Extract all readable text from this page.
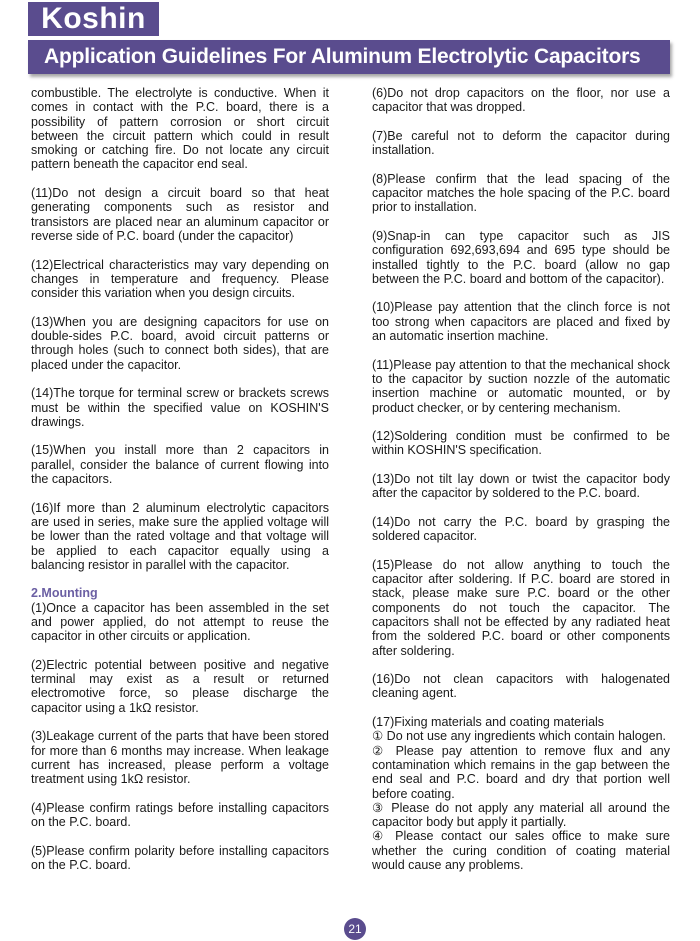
Koshin
Application Guidelines For Aluminum Electrolytic Capacitors

combustible. The electrolyte is conductive. When it comes in contact with the P.C. board, there is a possibility of pattern corrosion or short circuit between the circuit pattern which could in result smoking or catching fire. Do not locate any circuit pattern beneath the capacitor end seal.

(11)Do not design a circuit board so that heat generating components such as resistor and transistors are placed near an aluminum capacitor or reverse side of P.C. board (under the capacitor)

(12)Electrical characteristics may vary depending on changes in temperature and frequency. Please consider this variation when you design circuits.

(13)When you are designing capacitors for use on double-sides P.C. board, avoid circuit patterns or through holes (such to connect both sides), that are placed under the capacitor.

(14)The torque for terminal screw or brackets screws must be within the specified value on KOSHIN'S drawings.

(15)When you install more than 2 capacitors in parallel, consider the balance of current flowing into the capacitors.

(16)If more than 2 aluminum electrolytic capacitors are used in series, make sure the applied voltage will be lower than the rated voltage and that voltage will be applied to each capacitor equally using a balancing resistor in parallel with the capacitor.

2.Mounting

(1)Once a capacitor has been assembled in the set and power applied, do not attempt to reuse the capacitor in other circuits or application.

(2)Electric potential between positive and negative terminal may exist as a result or returned electromotive force, so please discharge the capacitor using a 1kΩ resistor.

(3)Leakage current of the parts that have been stored for more than 6 months may increase. When leakage current has increased, please perform a voltage treatment using 1kΩ resistor.

(4)Please confirm ratings before installing capacitors on the P.C. board.

(5)Please confirm polarity before installing capacitors on the P.C. board.

(6)Do not drop capacitors on the floor, nor use a capacitor that was dropped.

(7)Be careful not to deform the capacitor during installation.

(8)Please confirm that the lead spacing of the capacitor matches the hole spacing of the P.C. board prior to installation.

(9)Snap-in can type capacitor such as JIS configuration 692,693,694 and 695 type should be installed tightly to the P.C. board (allow no gap between the P.C. board and bottom of the capacitor).

(10)Please pay attention that the clinch force is not too strong when capacitors are placed and fixed by an automatic insertion machine.

(11)Please pay attention to that the mechanical shock to the capacitor by suction nozzle of the automatic insertion machine or automatic mounted, or by product checker, or by centering mechanism.

(12)Soldering condition must be confirmed to be within KOSHIN'S specification.

(13)Do not tilt lay down or twist the capacitor body after the capacitor by soldered to the P.C. board.

(14)Do not carry the P.C. board by grasping the soldered capacitor.

(15)Please do not allow anything to touch the capacitor after soldering. If P.C. board are stored in stack, please make sure P.C. board or the other components do not touch the capacitor. The capacitors shall not be effected by any radiated heat from the soldered P.C. board or other components after soldering.

(16)Do not clean capacitors with halogenated cleaning agent.

(17)Fixing materials and coating materials

① Do not use any ingredients which contain halogen.

② Please pay attention to remove flux and any contamination which remains in the gap between the end seal and P.C. board and dry that portion well before coating.

③ Please do not apply any material all around the capacitor body but apply it partially.

④ Please contact our sales office to make sure whether the curing condition of coating material would cause any problems.

21
